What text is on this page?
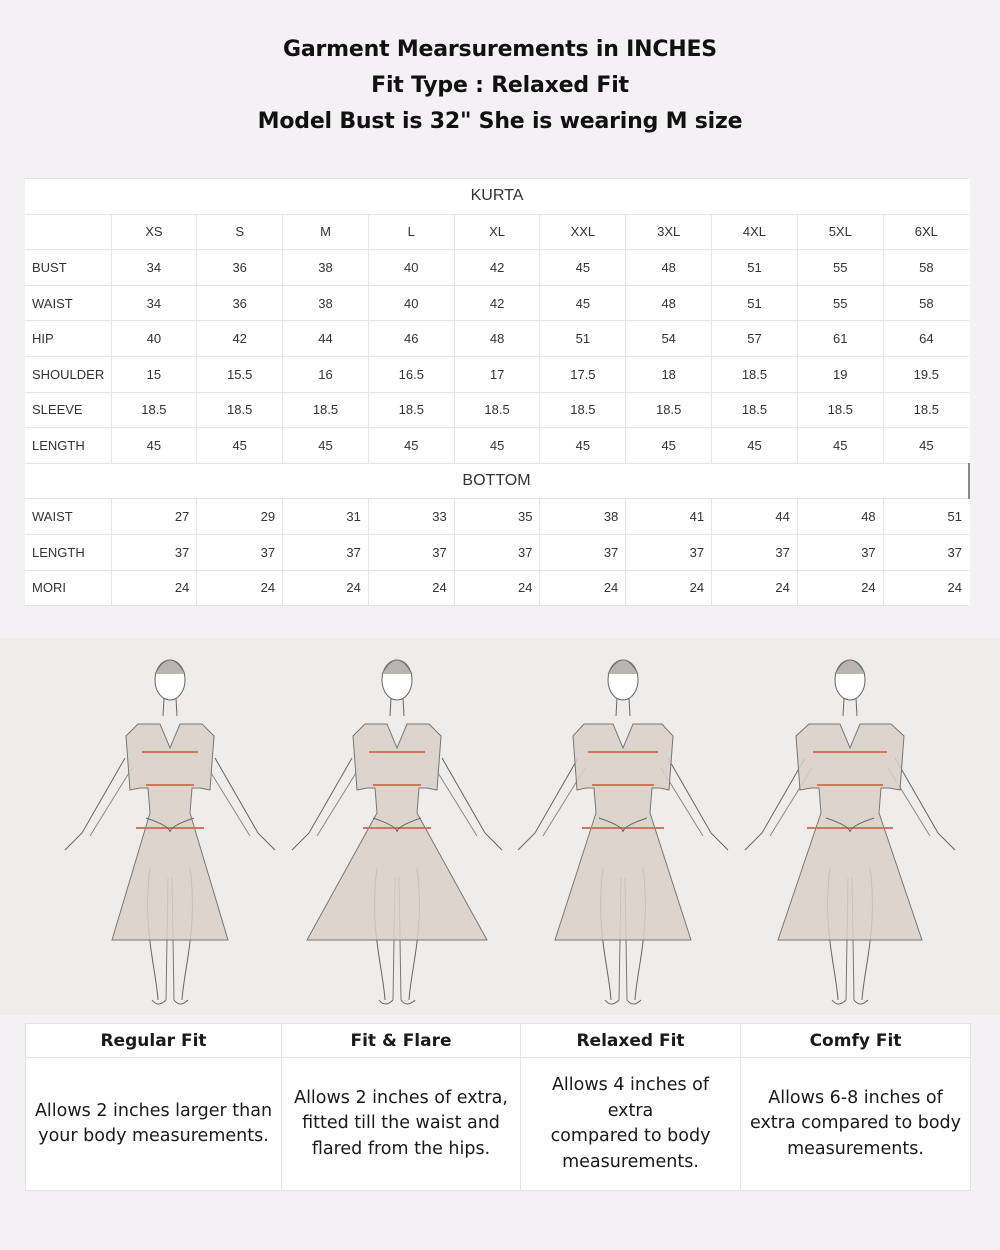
Garment Mearsurements in INCHES
Fit Type : Relaxed Fit
Model Bust is 32" She is wearing M size
KURTA										
	XS	S	M	L	XL	XXL	3XL	4XL	5XL	6XL
BUST	34	36	38	40	42	45	48	51	55	58
WAIST	34	36	38	40	42	45	48	51	55	58
HIP	40	42	44	46	48	51	54	57	61	64
SHOULDER	15	15.5	16	16.5	17	17.5	18	18.5	19	19.5
SLEEVE	18.5	18.5	18.5	18.5	18.5	18.5	18.5	18.5	18.5	18.5
LENGTH	45	45	45	45	45	45	45	45	45	45
BOTTOM										
WAIST	27	29	31	33	35	38	41	44	48	51
LENGTH	37	37	37	37	37	37	37	37	37	37
MORI	24	24	24	24	24	24	24	24	24	24
Regular Fit	Fit & Flare	Relaxed Fit	Comfy Fit

Allows 2 inches larger than
your body measurements.

Allows 2 inches of extra,
fitted till the waist and
flared from the hips.

Allows 4 inches of extra
compared to body
measurements.

Allows 6-8 inches of
extra compared to body
measurements.
